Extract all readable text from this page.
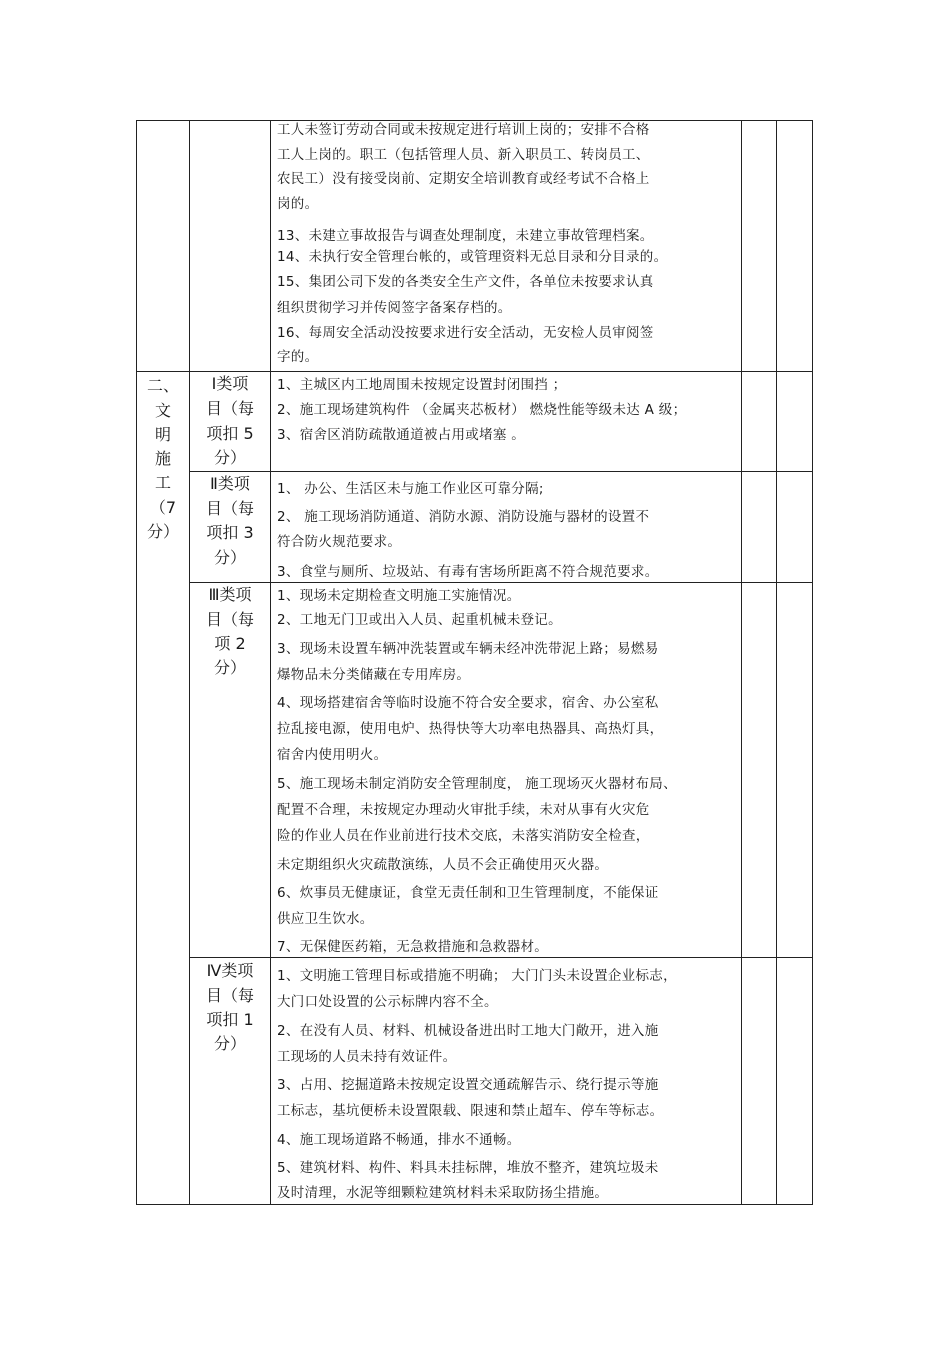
工人未签订劳动合同或未按规定进行培训上岗的；安排不合格
工人上岗的。职工（包括管理人员、新入职员工、转岗员工、
农民工）没有接受岗前、定期安全培训教育或经考试不合格上
岗的。
13、未建立事故报告与调查处理制度，未建立事故管理档案。
14、未执行安全管理台帐的，或管理资料无总目录和分目录的。
15、集团公司下发的各类安全生产文件，各单位未按要求认真
组织贯彻学习并传阅签字备案存档的。
16、每周安全活动没按要求进行安全活动，无安检人员审阅签
字的。
二、
文
明
施
工
（7
分）
Ⅰ类项
目（每
项扣 5
分）
1、主城区内工地周围未按规定设置封闭围挡 ；
2、施工现场建筑构件 （金属夹芯板材） 燃烧性能等级未达 A 级；
3、宿舍区消防疏散通道被占用或堵塞 。
Ⅱ类项
目（每
项扣 3
分）
1、 办公、生活区未与施工作业区可靠分隔;
2、 施工现场消防通道、消防水源、消防设施与器材的设置不
符合防火规范要求。
3、食堂与厕所、垃圾站、有毒有害场所距离不符合规范要求。
Ⅲ类项
目（每
项 2
分）
1、现场未定期检查文明施工实施情况。
2、工地无门卫或出入人员、起重机械未登记。
3、现场未设置车辆冲洗装置或车辆未经冲洗带泥上路；易燃易
爆物品未分类储藏在专用库房。
4、现场搭建宿舍等临时设施不符合安全要求，宿舍、办公室私
拉乱接电源，使用电炉、热得快等大功率电热器具、高热灯具，
宿舍内使用明火。
5、施工现场未制定消防安全管理制度， 施工现场灭火器材布局、
配置不合理，未按规定办理动火审批手续，未对从事有火灾危
险的作业人员在作业前进行技术交底，未落实消防安全检查，
未定期组织火灾疏散演练，人员不会正确使用灭火器。
6、炊事员无健康证，食堂无责任制和卫生管理制度，不能保证
供应卫生饮水。
7、无保健医药箱，无急救措施和急救器材。
Ⅳ类项
目（每
项扣 1
分）
1、文明施工管理目标或措施不明确； 大门门头未设置企业标志，
大门口处设置的公示标牌内容不全。
2、在没有人员、材料、机械设备进出时工地大门敞开，进入施
工现场的人员未持有效证件。
3、占用、挖掘道路未按规定设置交通疏解告示、绕行提示等施
工标志，基坑便桥未设置限载、限速和禁止超车、停车等标志。
4、施工现场道路不畅通，排水不通畅。
5、建筑材料、构件、料具未挂标牌，堆放不整齐，建筑垃圾未
及时清理，水泥等细颗粒建筑材料未采取防扬尘措施。
